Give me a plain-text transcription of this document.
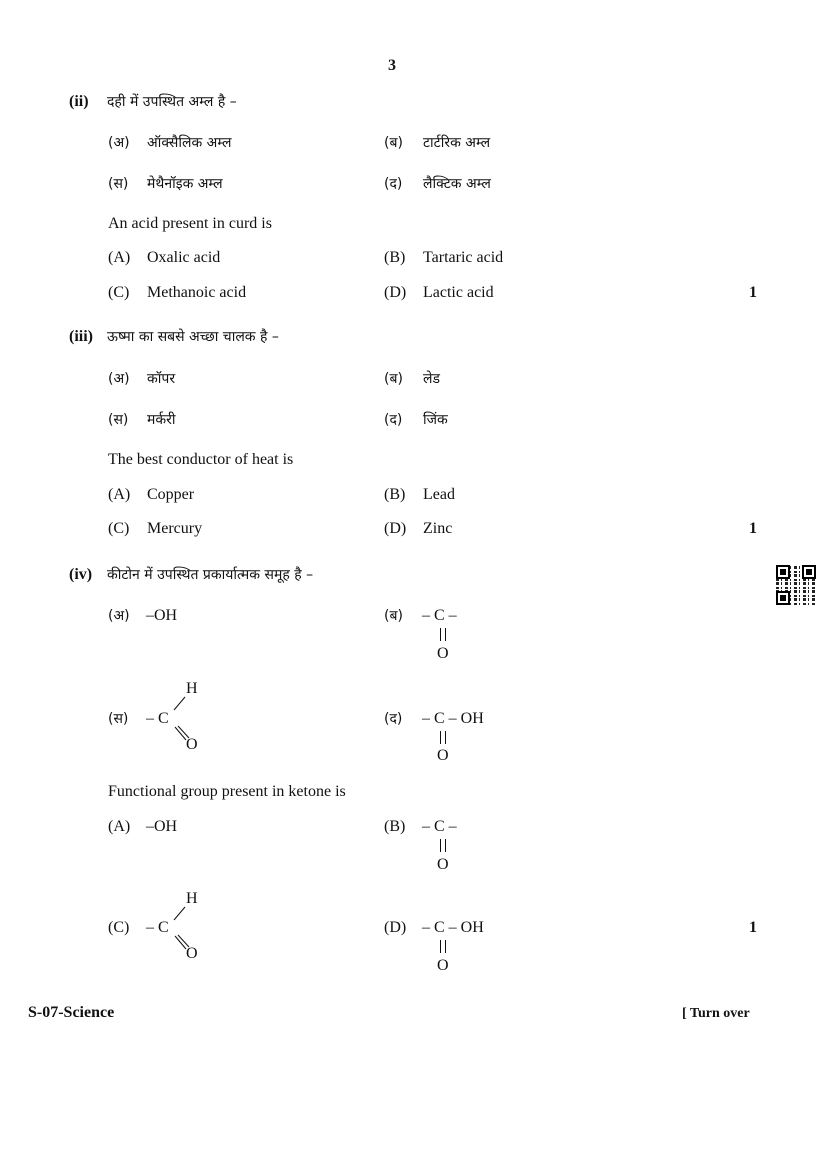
3
(ii) दही में उपस्थित अम्ल है –
(अ) ऑक्सैलिक अम्ल	(ब) टार्टरिक अम्ल
(स) मेथैनॉइक अम्ल	(द) लैक्टिक अम्ल
An acid present in curd is
(A) Oxalic acid	(B) Tartaric acid
(C) Methanoic acid	(D) Lactic acid	1
(iii) ऊष्मा का सबसे अच्छा चालक है –
(अ) कॉपर	(ब) लेड
(स) मर्करी	(द) जिंक
The best conductor of heat is
(A) Copper	(B) Lead
(C) Mercury	(D) Zinc	1
(iv) कीटोन में उपस्थित प्रकार्यात्मक समूह है –
(अ) –OH	(ब) – C –
O
H
(स) – C
O
(द) – C – OH
O
Functional group present in ketone is
(A) –OH	(B) – C –
O
H
(C) – C
O
(D) – C – OH
O
1
S-07-Science	[ Turn over
